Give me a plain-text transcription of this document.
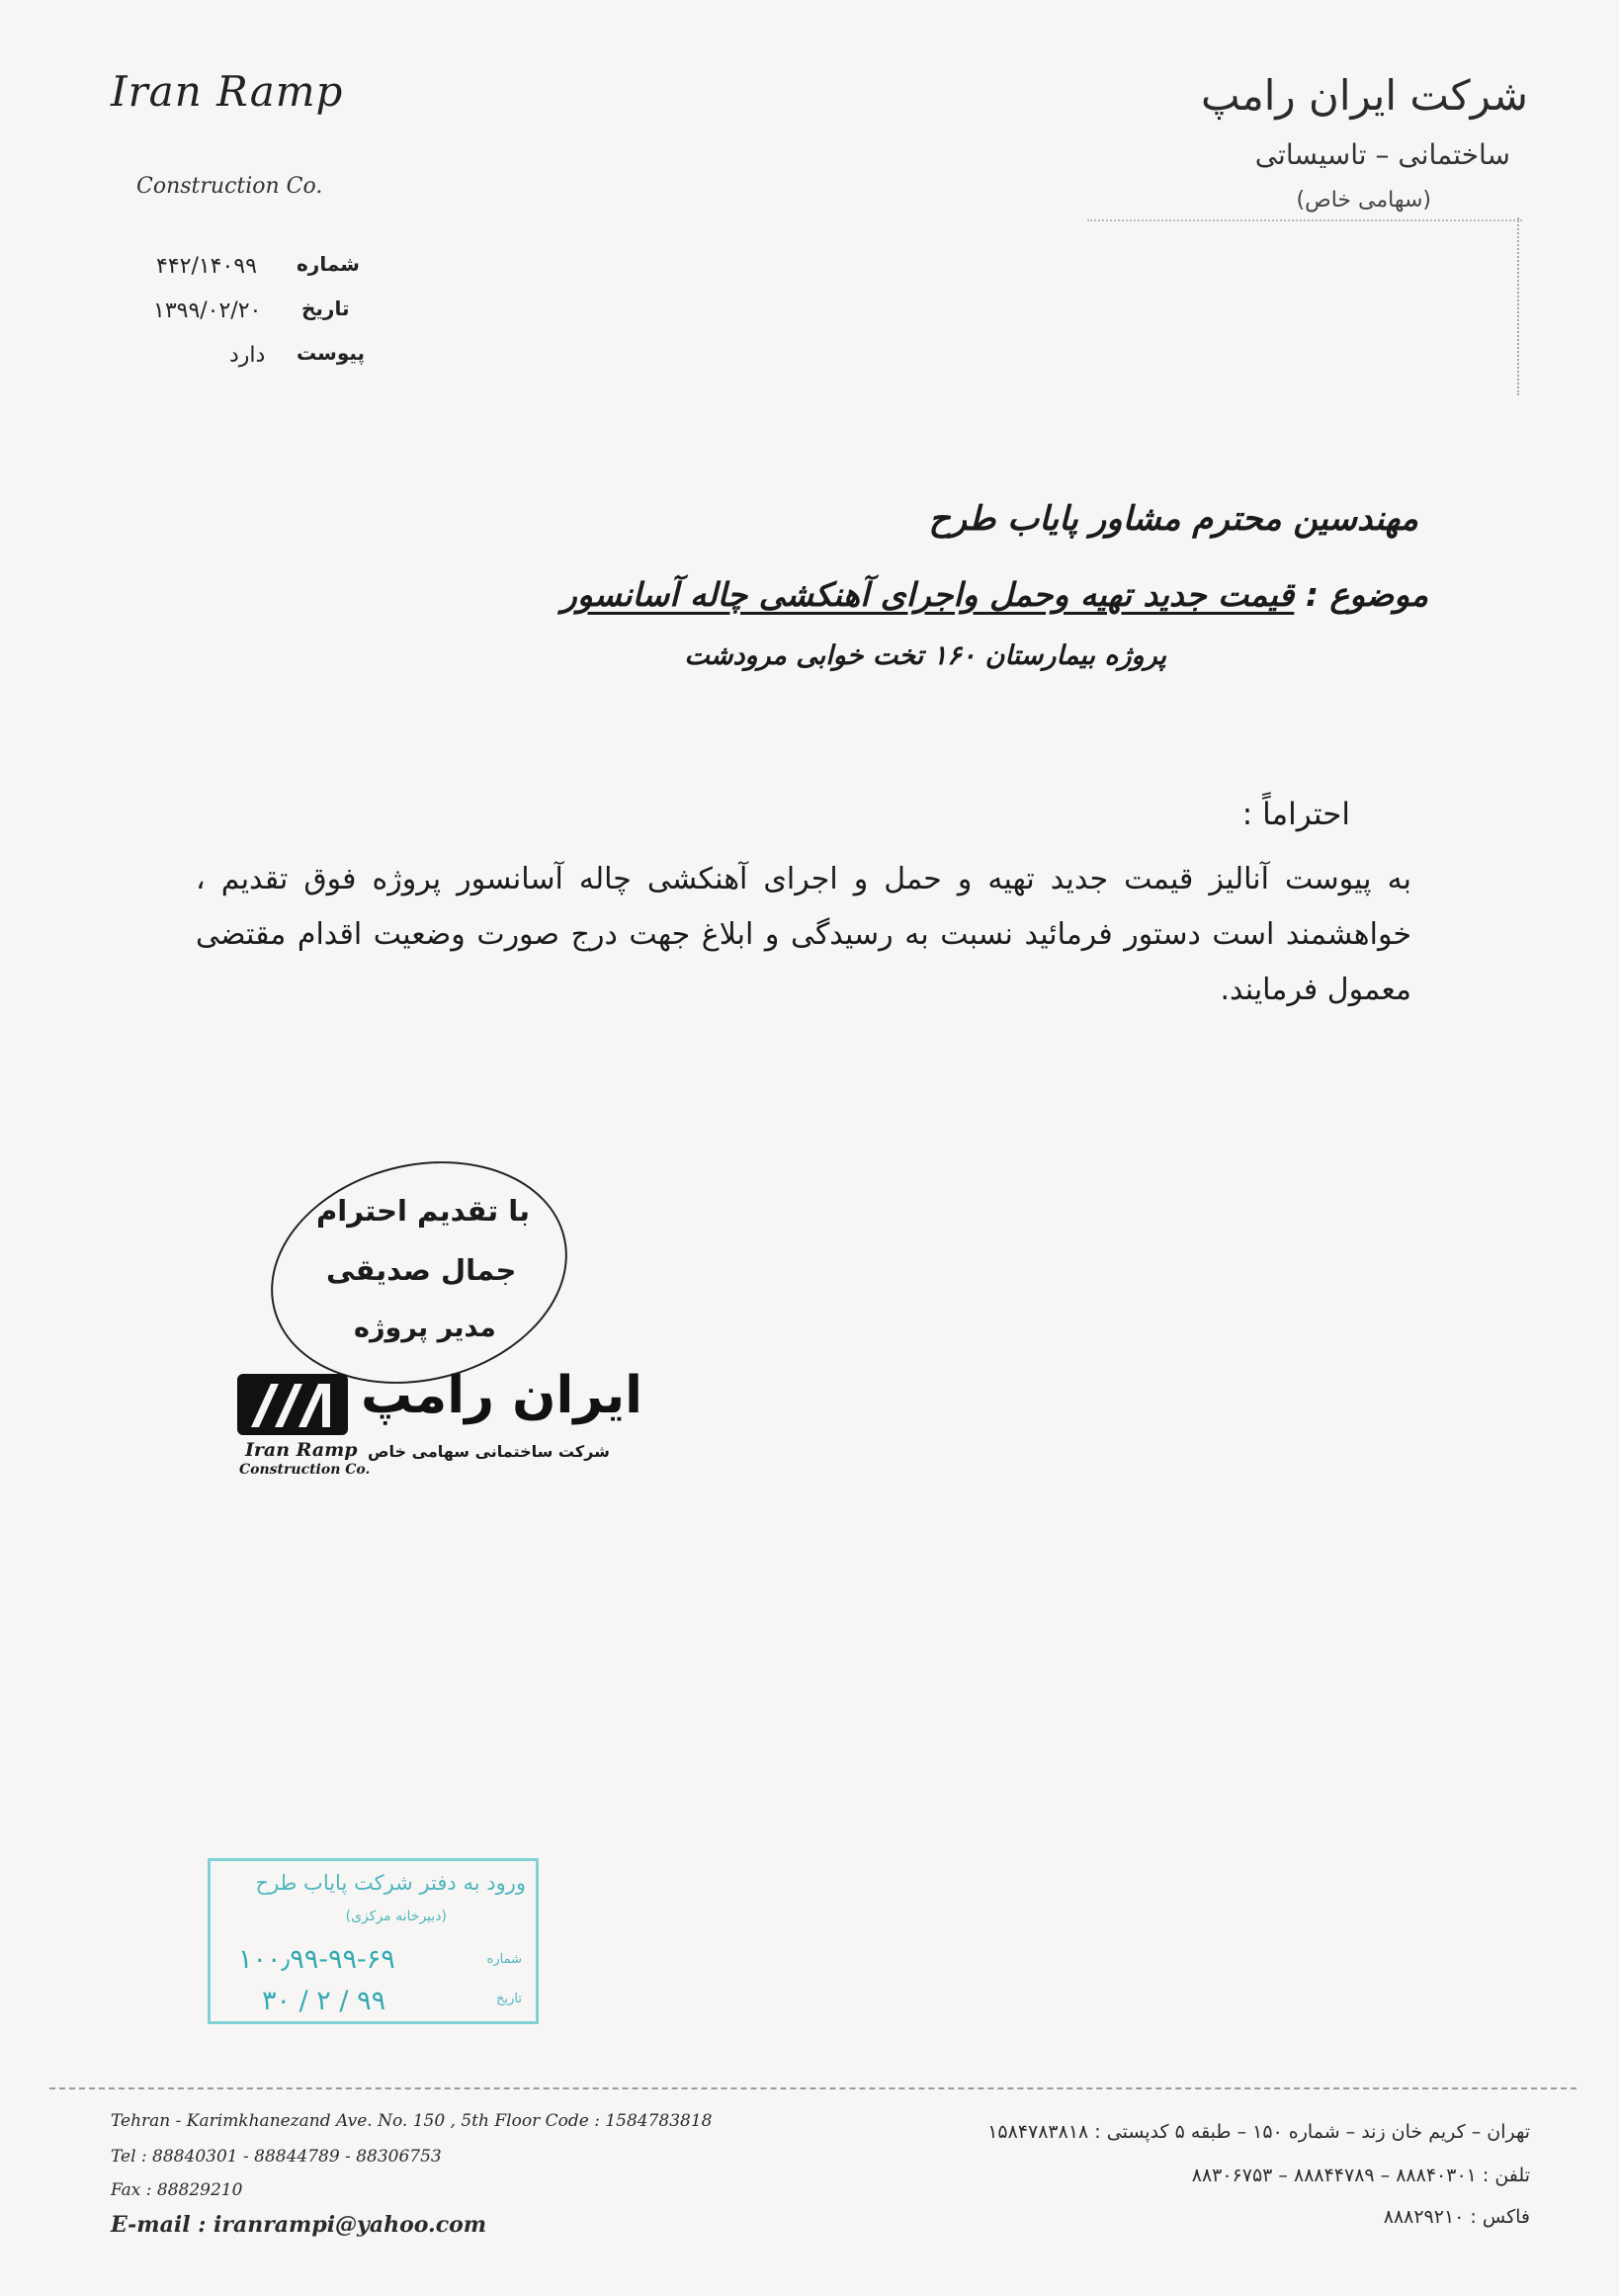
Iran Ramp
Construction Co.
شرکت ایران رامپ
ساختمانی – تاسیساتی
(سهامی خاص)
شماره
۴۴۲/۱۴۰۹۹
تاریخ
۱۳۹۹/۰۲/۲۰
پیوست
دارد
مهندسین محترم مشاور پایاب طرح
موضوع : قیمت جدید تهیه وحمل واجرای آهنکشی چاله آسانسور
پروژه بیمارستان ۱۶۰ تخت خوابی مرودشت
احتراماً :
به پیوست آنالیز قیمت جدید تهیه و حمل و اجرای آهنکشی چاله آسانسور پروژه فوق تقدیم ، خواهشمند است دستور فرمائید نسبت به رسیدگی و ابلاغ جهت درج صورت وضعیت اقدام مقتضی معمول فرمایند.
با تقدیم احترام
جمال صدیقی
مدیر پروژه
ایران رامپ
شرکت ساختمانی سهامی خاص
Iran Ramp
Construction Co.
ورود به دفتر شرکت پایاب طرح
(دبیرخانه مرکزی)
شماره
تاریخ
۱۰۰٫۹۹-۹۹-۶۹
۹۹ / ۲ / ۳۰
Tehran - Karimkhanezand Ave. No. 150 , 5th Floor Code : 1584783818
Tel : 88840301 - 88844789 - 88306753
Fax : 88829210
E-mail : iranrampi@yahoo.com
تهران – کریم خان زند – شماره ۱۵۰ – طبقه ۵ کدپستی : ۱۵۸۴۷۸۳۸۱۸
تلفن : ۸۸۸۴۰۳۰۱ – ۸۸۸۴۴۷۸۹ – ۸۸۳۰۶۷۵۳
فاکس : ۸۸۸۲۹۲۱۰
